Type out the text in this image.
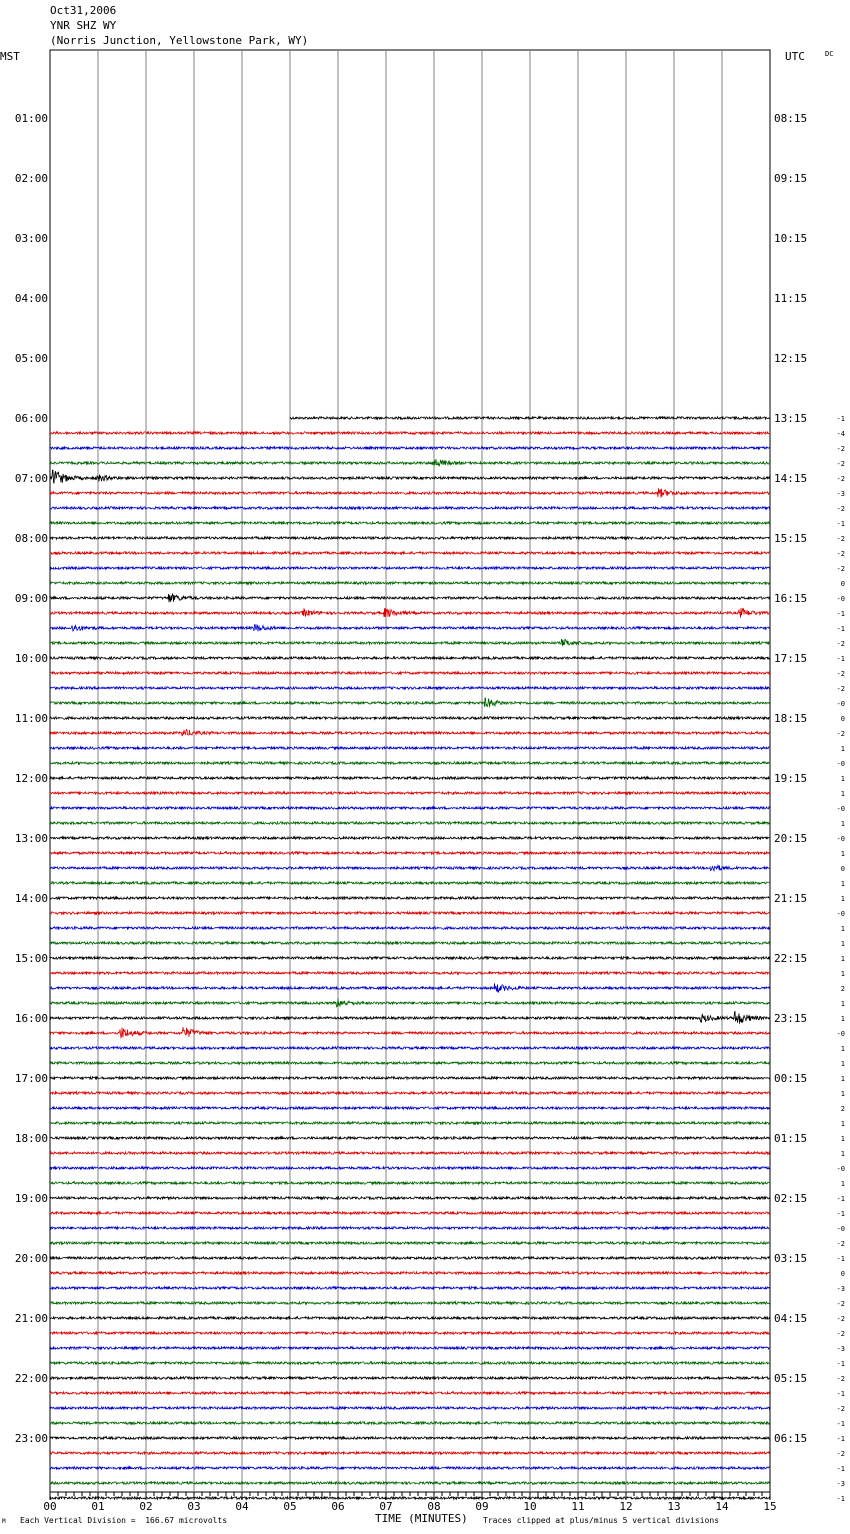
Oct31,2006
YNR SHZ WY
(Norris Junction, Yellowstone Park, WY)
MST	UTC	DC
00	01	02	03	04	05	06	07	08	09	10	11	12	13	14	15
01:00	08:15
02:00	09:15
03:00	10:15
04:00	11:15
05:00	12:15
06:00	13:15
07:00	14:15
08:00	15:15
09:00	16:15
10:00	17:15
11:00	18:15
12:00	19:15
13:00	20:15
14:00	21:15
15:00	22:15
16:00	23:15
17:00	00:15
18:00	01:15
19:00	02:15
20:00	03:15
21:00	04:15
22:00	05:15
23:00	06:15
-1
-4
-2
-2
-2
-3
-2
-1
-2
-2
-2
0
-0
-1
-1
-2
-1
-2
-2
-0
0
-2
1
-0
1
1
-0
1
-0
1
0
1
1
-0
1
1
1
1
2
1
1
-0
1
1
1
1
2
1
1
1
-0
1
-1
-1
-0
-2
-1
0
-3
-2
-2
-2
-3
-1
-2
-1
-2
-1
-1
-2
-1
-3
-1
M Each Vertical Division =  166.67 microvolts	TIME (MINUTES) Traces clipped at plus/minus 5 vertical divisions
